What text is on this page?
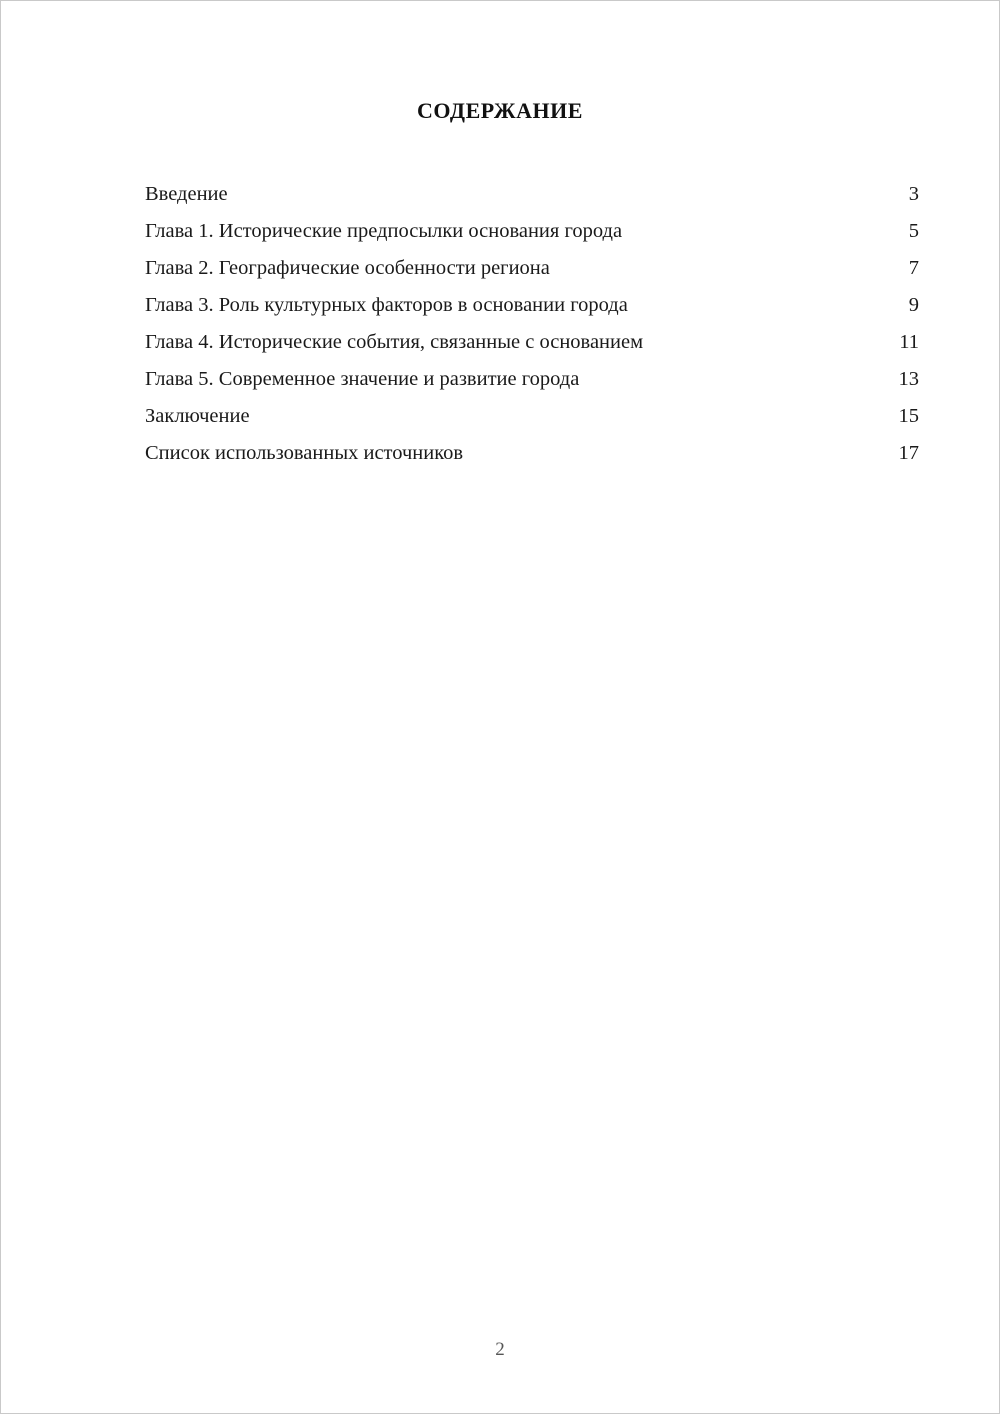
СОДЕРЖАНИЕ
Введение	3
Глава 1. Исторические предпосылки основания города	5
Глава 2. Географические особенности региона	7
Глава 3. Роль культурных факторов в основании города	9
Глава 4. Исторические события, связанные с основанием	11
Глава 5. Современное значение и развитие города	13
Заключение	15
Список использованных источников	17
2
